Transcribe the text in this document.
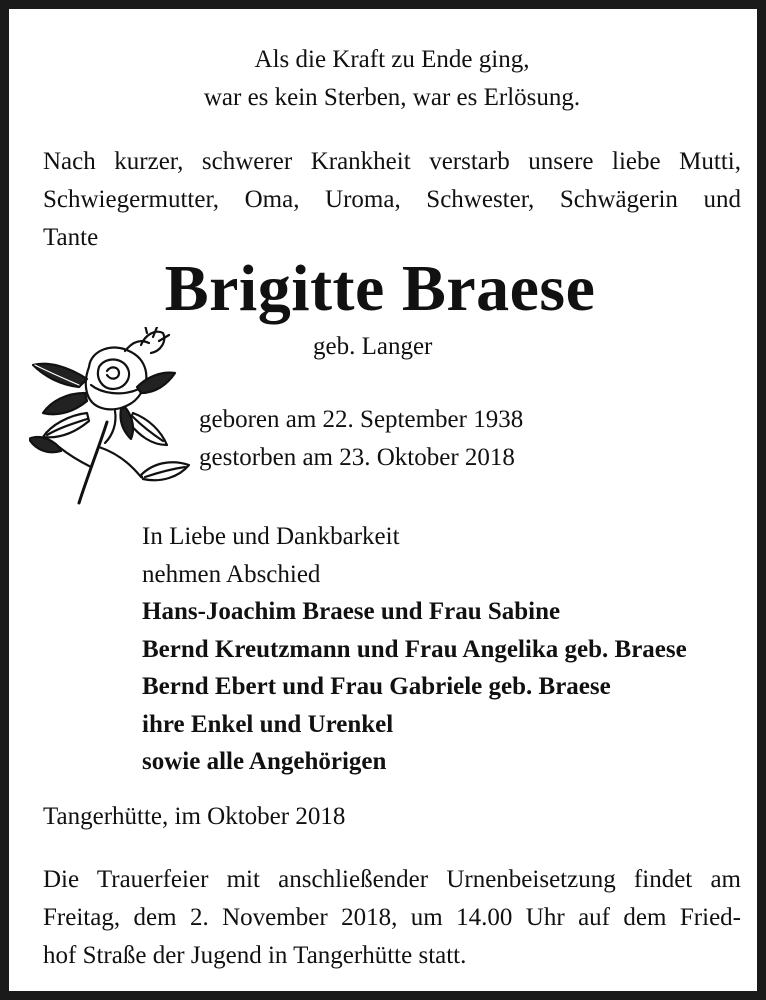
Als die Kraft zu Ende ging,
war es kein Sterben, war es Erlösung.
Nach kurzer, schwerer Krankheit verstarb unsere liebe Mutti,
Schwiegermutter, Oma, Uroma, Schwester, Schwägerin und
Tante
Brigitte Braese
geb. Langer
geboren am 22. September 1938
gestorben am 23. Oktober 2018
In Liebe und Dankbarkeit
nehmen Abschied
Hans-Joachim Braese und Frau Sabine
Bernd Kreutzmann und Frau Angelika geb. Braese
Bernd Ebert und Frau Gabriele geb. Braese
ihre Enkel und Urenkel
sowie alle Angehörigen
Tangerhütte, im Oktober 2018
Die Trauerfeier mit anschließender Urnenbeisetzung findet am
Freitag, dem 2. November 2018, um 14.00 Uhr auf dem Fried-
hof Straße der Jugend in Tangerhütte statt.
